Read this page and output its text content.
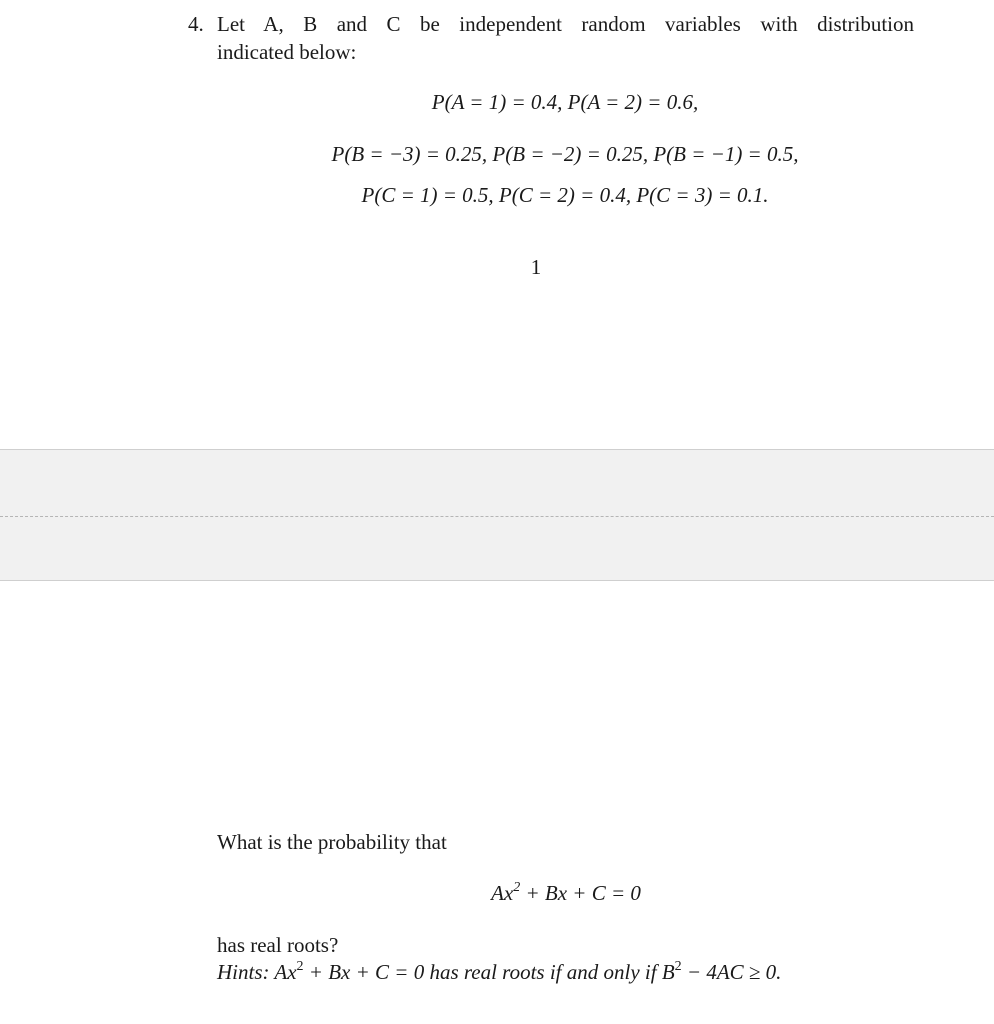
4. Let A, B and C be independent random variables with distribution
indicated below:
P(A = 1) = 0.4, P(A = 2) = 0.6,
P(B = −3) = 0.25, P(B = −2) = 0.25, P(B = −1) = 0.5,
P(C = 1) = 0.5, P(C = 2) = 0.4, P(C = 3) = 0.1.
1
What is the probability that
$Ax^2 + Bx + C = 0$
has real roots?
Hints: $Ax^2 + Bx + C = 0$ has real roots if and only if $B^2 - 4AC \ge 0$.
